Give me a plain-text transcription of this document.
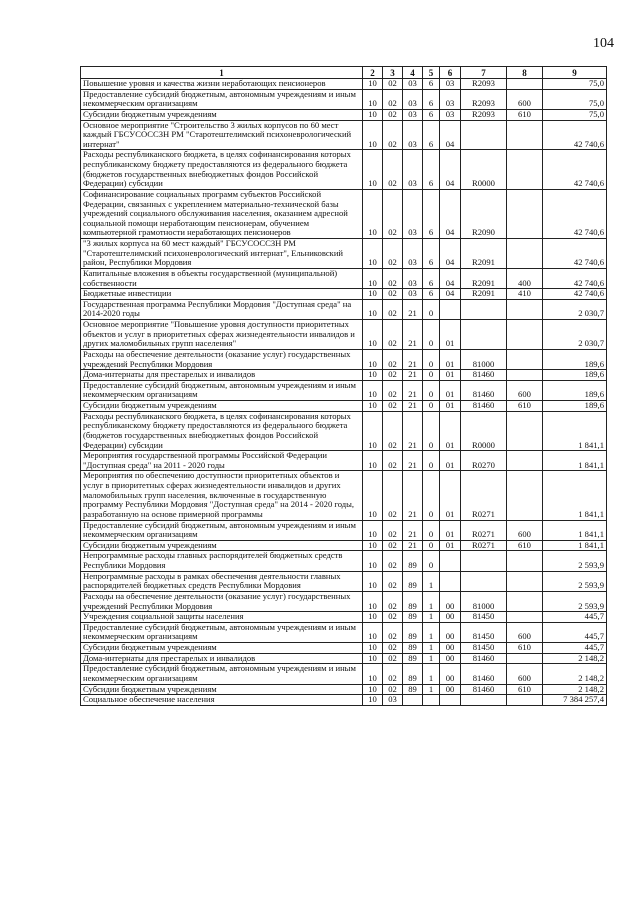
104
1	2	3	4	5	6	7	8	9
Повышение уровня и качества жизни неработающих пенсионеров	10	02	03	6	03	R2093		75,0
Предоставление субсидий бюджетным, автономным учреждениям и иным некоммерческим организациям	10	02	03	6	03	R2093	600	75,0
Субсидии бюджетным учреждениям	10	02	03	6	03	R2093	610	75,0
Основное мероприятие "Строительство 3 жилых корпусов по 60 мест каждый ГБСУСОССЗН РМ "Старотештелимский психоневрологический интернат"	10	02	03	6	04			42 740,6
Расходы республиканского бюджета, в целях софинансирования которых республиканскому бюджету предоставляются из федерального бюджета (бюджетов государственных внебюджетных фондов Российской Федерации) субсидии	10	02	03	6	04	R0000		42 740,6
Софинансирование социальных программ субъектов Российской Федерации, связанных с укреплением материально-технической базы учреждений социального обслуживания населения, оказанием адресной социальной помощи неработающим пенсионерам, обучением компьютерной грамотности неработающих пенсионеров	10	02	03	6	04	R2090		42 740,6
"3 жилых корпуса на 60 мест каждый" ГБСУСОССЗН РМ "Старотештелимский психоневрологический интернат", Ельниковский район, Республики Мордовия	10	02	03	6	04	R2091		42 740,6
Капитальные вложения в объекты государственной (муниципальной) собственности	10	02	03	6	04	R2091	400	42 740,6
Бюджетные инвестиции	10	02	03	6	04	R2091	410	42 740,6
Государственная программа Республики Мордовия "Доступная среда" на 2014-2020 годы	10	02	21	0				2 030,7
Основное мероприятие "Повышение уровня доступности приоритетных объектов и услуг в приоритетных сферах жизнедеятельности инвалидов и других маломобильных групп населения"	10	02	21	0	01			2 030,7
Расходы на обеспечение деятельности (оказание услуг) государственных учреждений Республики Мордовия	10	02	21	0	01	81000		189,6
Дома-интернаты для престарелых и инвалидов	10	02	21	0	01	81460		189,6
Предоставление субсидий бюджетным, автономным учреждениям и иным некоммерческим организациям	10	02	21	0	01	81460	600	189,6
Субсидии бюджетным учреждениям	10	02	21	0	01	81460	610	189,6
Расходы республиканского бюджета, в целях софинансирования которых республиканскому бюджету предоставляются из федерального бюджета (бюджетов государственных внебюджетных фондов Российской Федерации) субсидии	10	02	21	0	01	R0000		1 841,1
Мероприятия государственной программы Российской Федерации "Доступная среда" на 2011 - 2020 годы	10	02	21	0	01	R0270		1 841,1
Мероприятия по обеспечению доступности приоритетных объектов и услуг в приоритетных сферах жизнедеятельности инвалидов и других маломобильных групп населения, включенные в государственную программу Республики Мордовия "Доступная среда" на 2014 - 2020 годы, разработанную на основе примерной программы	10	02	21	0	01	R0271		1 841,1
Предоставление субсидий бюджетным, автономным учреждениям и иным некоммерческим организациям	10	02	21	0	01	R0271	600	1 841,1
Субсидии бюджетным учреждениям	10	02	21	0	01	R0271	610	1 841,1
Непрограммные расходы главных распорядителей бюджетных средств Республики Мордовия	10	02	89	0				2 593,9
Непрограммные расходы в рамках обеспечения деятельности главных распорядителей бюджетных средств Республики Мордовия	10	02	89	1				2 593,9
Расходы на обеспечение деятельности (оказание услуг) государственных учреждений Республики Мордовия	10	02	89	1	00	81000		2 593,9
Учреждения социальной защиты населения	10	02	89	1	00	81450		445,7
Предоставление субсидий бюджетным, автономным учреждениям и иным некоммерческим организациям	10	02	89	1	00	81450	600	445,7
Субсидии бюджетным учреждениям	10	02	89	1	00	81450	610	445,7
Дома-интернаты для престарелых и инвалидов	10	02	89	1	00	81460		2 148,2
Предоставление субсидий бюджетным, автономным учреждениям и иным некоммерческим организациям	10	02	89	1	00	81460	600	2 148,2
Субсидии бюджетным учреждениям	10	02	89	1	00	81460	610	2 148,2
Социальное обеспечение населения	10	03						7 384 257,4
